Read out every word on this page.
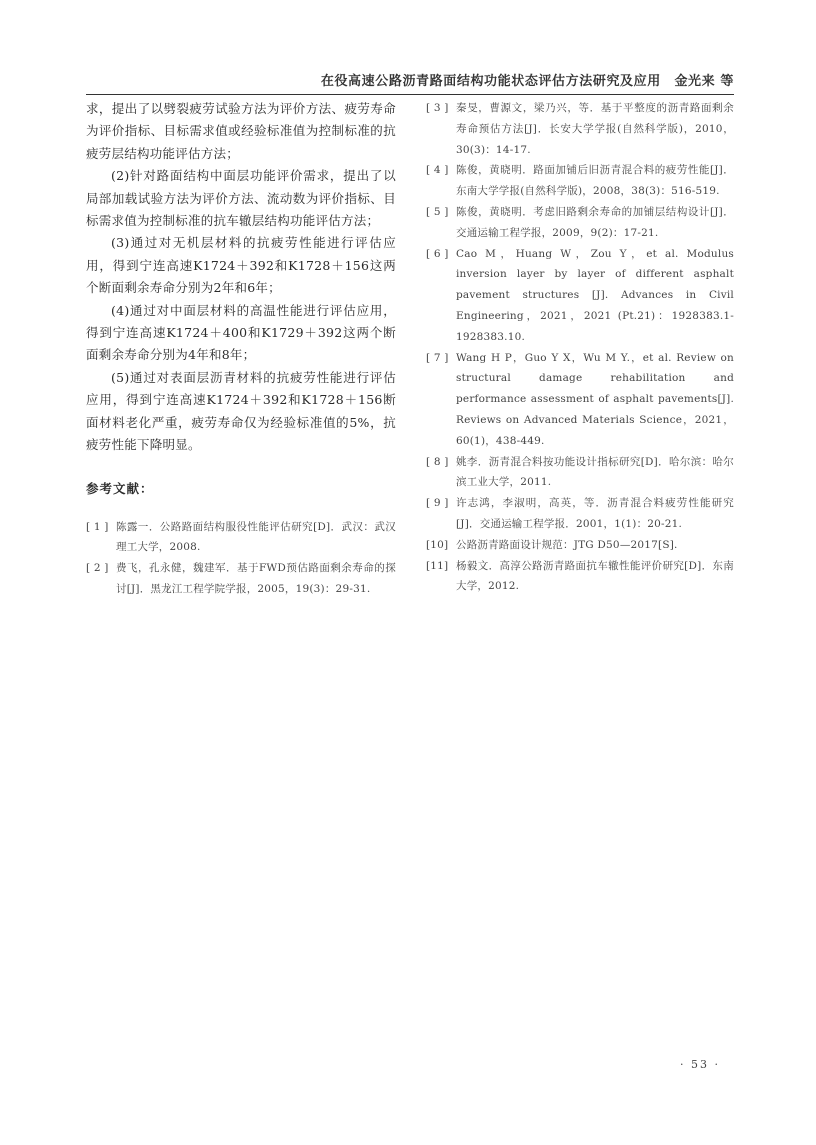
在役高速公路沥青路面结构功能状态评估方法研究及应用　金光来 等

求，提出了以劈裂疲劳试验方法为评价方法、疲劳寿命为评价指标、目标需求值或经验标准值为控制标准的抗疲劳层结构功能评估方法；

(2)针对路面结构中面层功能评价需求，提出了以局部加载试验方法为评价方法、流动数为评价指标、目标需求值为控制标准的抗车辙层结构功能评估方法；

(3)通过对无机层材料的抗疲劳性能进行评估应用，得到宁连高速K1724＋392和K1728＋156这两个断面剩余寿命分别为2年和6年；

(4)通过对中面层材料的高温性能进行评估应用，得到宁连高速K1724＋400和K1729＋392这两个断面剩余寿命分别为4年和8年；

(5)通过对表面层沥青材料的抗疲劳性能进行评估应用，得到宁连高速K1724＋392和K1728＋156断面材料老化严重，疲劳寿命仅为经验标准值的5%，抗疲劳性能下降明显。

参考文献：
[ 1 ] 陈露一．公路路面结构服役性能评估研究[D]．武汉：武汉理工大学，2008.
[ 2 ] 费飞，孔永健，魏建军．基于FWD预估路面剩余寿命的探讨[J]．黑龙江工程学院学报，2005，19(3)：29-31.
[ 3 ] 秦旻，曹源文，梁乃兴，等．基于平整度的沥青路面剩余寿命预估方法[J]．长安大学学报(自然科学版)，2010，30(3)：14-17.
[ 4 ] 陈俊，黄晓明．路面加铺后旧沥青混合料的疲劳性能[J]．东南大学学报(自然科学版)，2008，38(3)：516-519.
[ 5 ] 陈俊，黄晓明．考虑旧路剩余寿命的加铺层结构设计[J]．交通运输工程学报，2009，9(2)：17-21.
[ 6 ] Cao M，Huang W，Zou Y，et al. Modulus inversion layer by layer of different asphalt pavement structures [J]. Advances in Civil Engineering，2021，2021 (Pt.21)：1928383.1-1928383.10.
[ 7 ] Wang H P，Guo Y X，Wu M Y.，et al. Review on structural damage rehabilitation and performance assessment of asphalt pavements[J]. Reviews on Advanced Materials Science，2021，60(1)，438-449.
[ 8 ] 姚李．沥青混合料按功能设计指标研究[D]．哈尔滨：哈尔滨工业大学，2011.
[ 9 ] 许志鸿，李淑明，高英，等．沥青混合料疲劳性能研究[J]．交通运输工程学报．2001，1(1)：20-21.
[10] 公路沥青路面设计规范：JTG D50—2017[S].
[11] 杨毅文．高淳公路沥青路面抗车辙性能评价研究[D]．东南大学，2012.
· 53 ·
